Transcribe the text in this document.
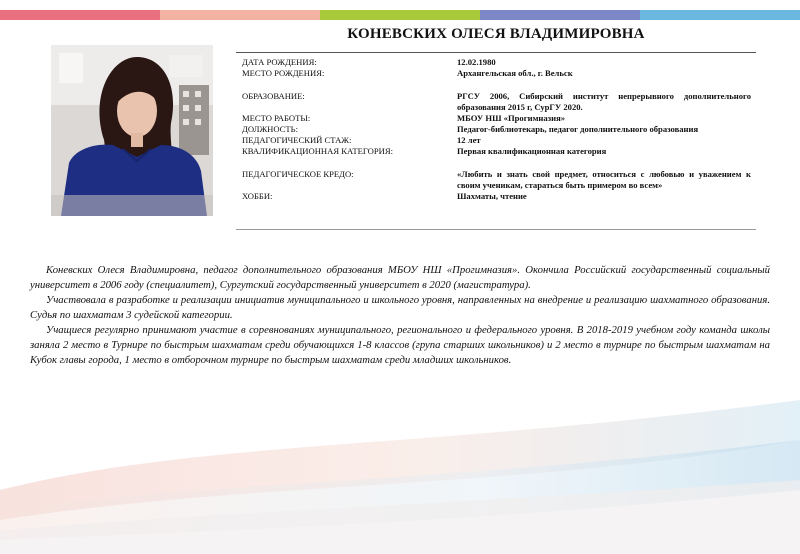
КОНЕВСКИХ ОЛЕСЯ ВЛАДИМИРОВНА
ДАТА РОЖДЕНИЯ:	12.02.1980
МЕСТО РОЖДЕНИЯ:	Архангельская обл., г. Вельск
ОБРАЗОВАНИЕ:	РГСУ 2006, Сибирский институт непрерывного дополнительного образования 2015 г, СурГУ 2020.
МЕСТО РАБОТЫ:	МБОУ НШ «Прогимназия»
ДОЛЖНОСТЬ:	Педагог-библиотекарь, педагог дополнительного образования
ПЕДАГОГИЧЕСКИЙ СТАЖ:	12 лет
КВАЛИФИКАЦИОННАЯ КАТЕГОРИЯ:	Первая квалификационная категория
ПЕДАГОГИЧЕСКОЕ КРЕДО:	«Любить и знать свой предмет, относиться с любовью и уважением к своим ученикам, стараться быть примером во всем»
ХОББИ:	Шахматы, чтение

Коневских Олеся Владимировна, педагог дополнительного образования МБОУ НШ «Прогимназия». Окончила Российский государственный социальный университет в 2006 году (специалитет), Сургутский государственный университет в 2020 (магистратура).

Участвовала в разработке и реализации инициатив муниципального и школьного уровня, направленных на внедрение и реализацию шахматного образования. Судья по шахматам 3 судейской категории.

Учащиеся регулярно принимают участие в соревнованиях муниципального, регионального и федерального уровня. В 2018-2019 учебном году команда школы заняла 2 место в Турнире по быстрым шахматам среди обучающихся 1-8 классов (група старших школьников) и 2 место в турнире по быстрым шахматам на Кубок главы города, 1 место в отборочном турнире по быстрым шахматам среди младших школьников.
